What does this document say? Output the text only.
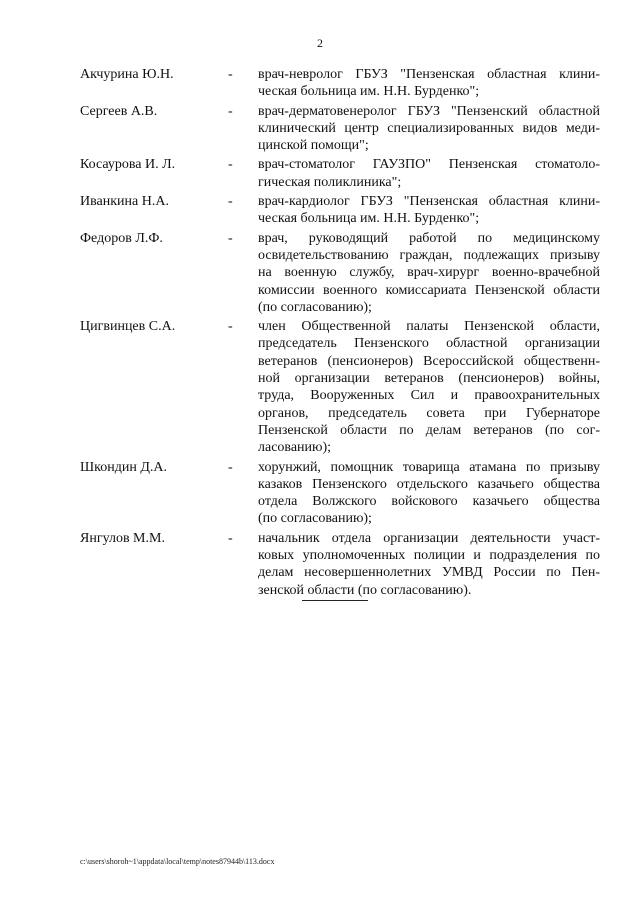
2
Акчурина Ю.Н.	- врач-невролог ГБУЗ "Пензенская областная клини-
ческая больница им. Н.Н. Бурденко";
Сергеев А.В.	- врач-дерматовенеролог ГБУЗ "Пензенский областной
клинический центр специализированных видов меди-
цинской помощи";
Косаурова И. Л.	- врач-стоматолог ГАУЗПО" Пензенская стоматоло-
гическая поликлиника";
Иванкина Н.А.	- врач-кардиолог ГБУЗ "Пензенская областная клини-
ческая больница им. Н.Н. Бурденко";
Федоров Л.Ф.	- врач, руководящий работой по медицинскому
освидетельствованию граждан, подлежащих призыву
на военную службу, врач-хирург военно-врачебной
комиссии военного комиссариата Пензенской области
(по согласованию);
Цигвинцев С.А.	- член Общественной палаты Пензенской области,
председатель Пензенского областной организации
ветеранов (пенсионеров) Всероссийской общественн-
ной организации ветеранов (пенсионеров) войны,
труда, Вооруженных Сил и правоохранительных
органов, председатель совета при Губернаторе
Пензенской области по делам ветеранов (по сог-
ласованию);
Шкондин Д.А.	- хорунжий, помощник товарища атамана по призыву
казаков Пензенского отдельского казачьего общества
отдела Волжского войскового казачьего общества
(по согласованию);
Янгулов М.М.	- начальник отдела организации деятельности участ-
ковых уполномоченных полиции и подразделения по
делам несовершеннолетних УМВД России по Пен-
зенской области (по согласованию).
c:\users\shoroh~1\appdata\local\temp\notes87944b\113.docx
